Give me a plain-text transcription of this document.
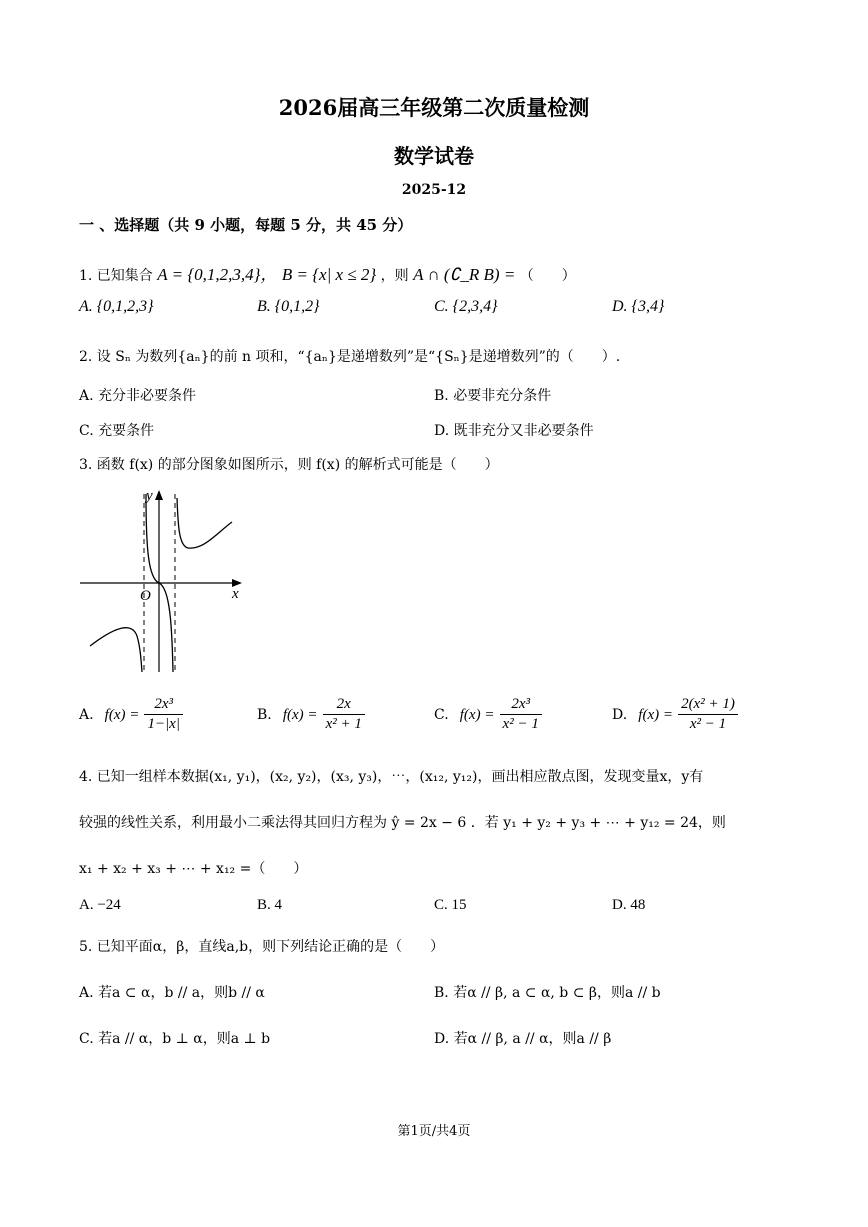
2026届高三年级第二次质量检测
数学试卷
2025-12
一 、选择题（共 9 小题，每题 5 分，共 45 分）
1. 已知集合 A = {0,1,2,3,4}， B = {x| x ≤ 2} ，则 A ∩ (∁_R B) = （　　）
A. {0,1,2,3}	B. {0,1,2}	C. {2,3,4}	D. {3,4}
2. 设 Sₙ 为数列{aₙ}的前 n 项和，“{aₙ}是递增数列”是“{Sₙ}是递增数列”的（　　）.
A. 充分非必要条件	B. 必要非充分条件
C. 充要条件	D. 既非充分又非必要条件
3. 函数 f(x) 的部分图象如图所示，则 f(x) 的解析式可能是（　　）
y
x
O
A. $f(x) = \frac{\text{2x³}}{1-|x|}$	B. $f(x) = \frac{2x}{\text{x² + 1}}$	C. $f(x) = \frac{\text{2x³}}{\text{x² − 1}}$	D. $f(x) = \frac{\text{2(x² + 1)}}{\text{x² − 1}}$
4. 已知一组样本数据(x₁, y₁)，(x₂, y₂)，(x₃, y₃)，⋯，(x₁₂, y₁₂)，画出相应散点图，发现变量x，y有
较强的线性关系，利用最小二乘法得其回归方程为 ŷ = 2x − 6 ．若 y₁ + y₂ + y₃ + ⋯ + y₁₂ = 24，则
x₁ + x₂ + x₃ + ⋯ + x₁₂ =（　　）
A. −24	B. 4	C. 15	D. 48
5. 已知平面α，β，直线a,b，则下列结论正确的是（　　）
A. 若a ⊂ α，b // a，则b // α	B. 若α // β, a ⊂ α, b ⊂ β，则a // b
C. 若a // α，b ⊥ α，则a ⊥ b	D. 若α // β, a // α，则a // β
第1页/共4页
